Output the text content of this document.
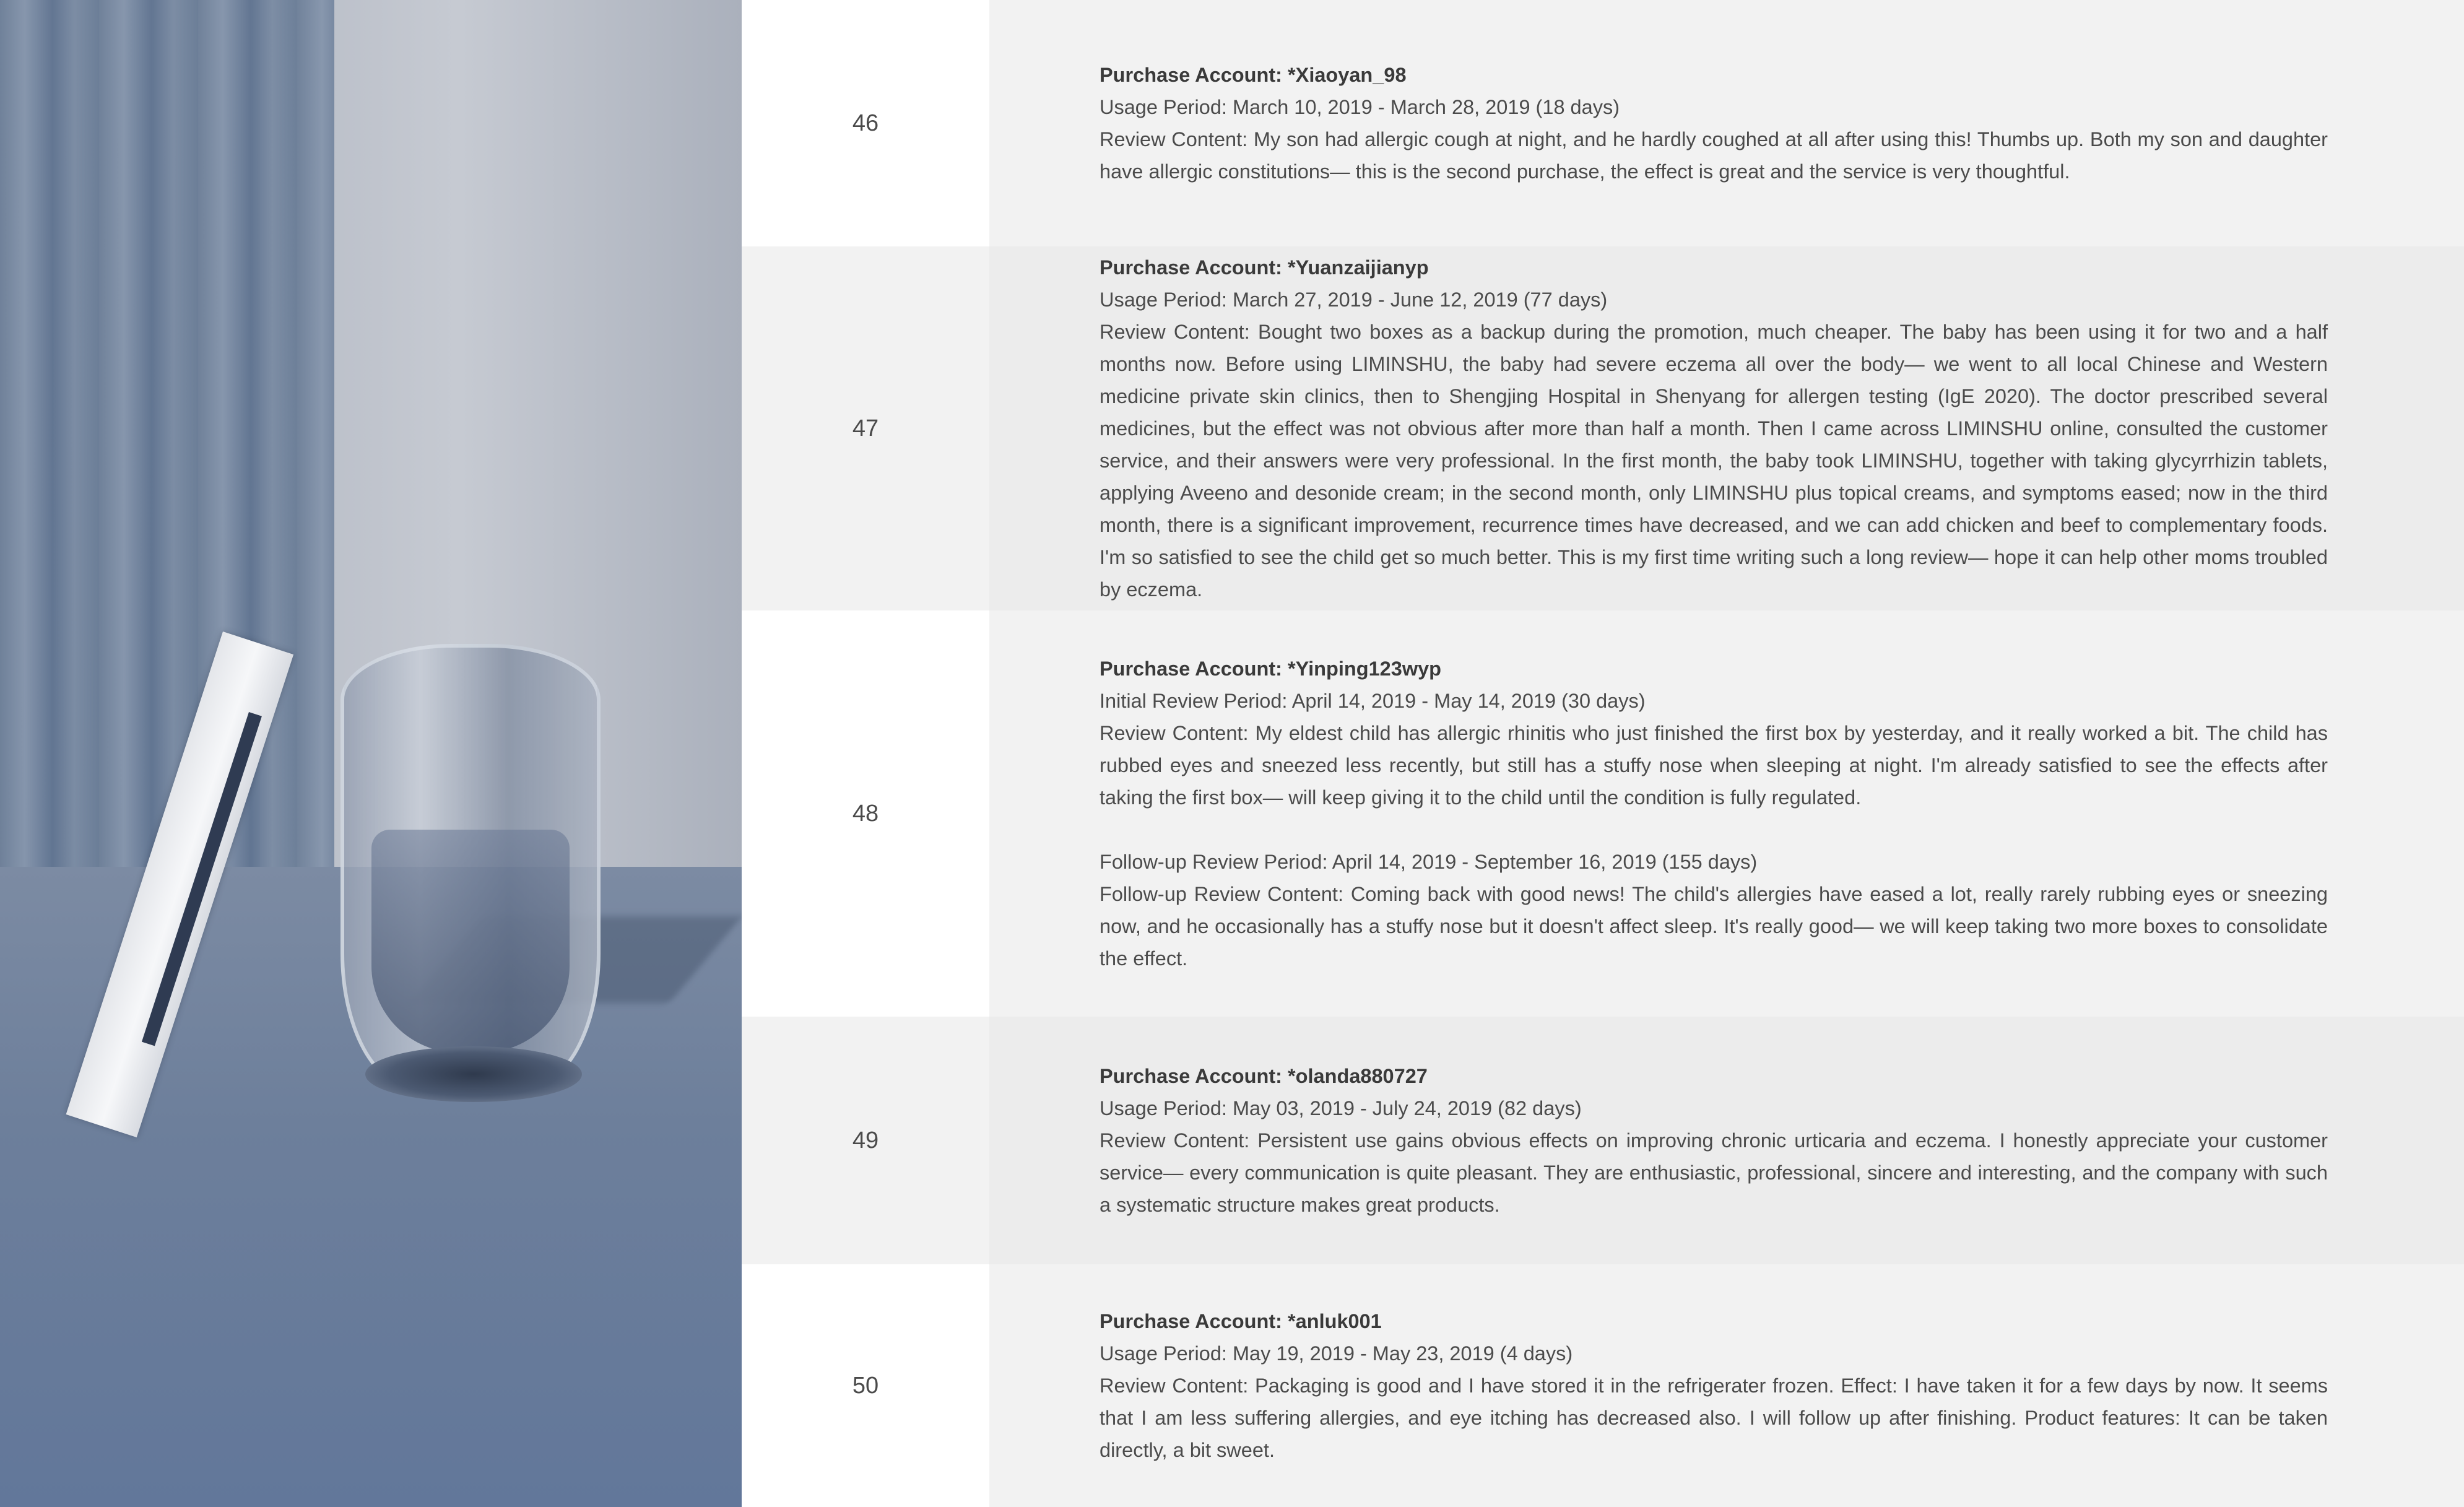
46

Purchase Account: *Xiaoyan_98

Usage Period: March 10, 2019 - March 28, 2019 (18 days)

Review Content: My son had allergic cough at night, and he hardly coughed at all after using this! Thumbs up. Both my son and daughter have allergic constitutions— this is the second purchase, the effect is great and the service is very thoughtful.

47

Purchase Account: *Yuanzaijianyp

Usage Period: March 27, 2019 - June 12, 2019 (77 days)

Review Content: Bought two boxes as a backup during the promotion, much cheaper. The baby has been using it for two and a half months now. Before using LIMINSHU, the baby had severe eczema all over the body— we went to all local Chinese and Western medicine private skin clinics, then to Shengjing Hospital in Shenyang for allergen testing (IgE 2020). The doctor prescribed several medicines, but the effect was not obvious after more than half a month. Then I came across LIMINSHU online, consulted the customer service, and their answers were very professional. In the first month, the baby took LIMINSHU, together with taking glycyrrhizin tablets, applying Aveeno and desonide cream; in the second month, only LIMINSHU plus topical creams, and symptoms eased; now in the third month, there is a significant improvement, recurrence times have decreased, and we can add chicken and beef to complementary foods. I'm so satisfied to see the child get so much better. This is my first time writing such a long review— hope it can help other moms troubled by eczema.

48

Purchase Account: *Yinping123wyp

Initial Review Period: April 14, 2019 - May 14, 2019 (30 days)

Review Content: My eldest child has allergic rhinitis who just finished the first box by yesterday, and it really worked a bit. The child has rubbed eyes and sneezed less recently, but still has a stuffy nose when sleeping at night. I'm already satisfied to see the effects after taking the first box— will keep giving it to the child until the condition is fully regulated.

Follow-up Review Period: April 14, 2019 - September 16, 2019 (155 days)

Follow-up Review Content: Coming back with good news! The child's allergies have eased a lot, really rarely rubbing eyes or sneezing now, and he occasionally has a stuffy nose but it doesn't affect sleep. It's really good— we will keep taking two more boxes to consolidate the effect.

49

Purchase Account: *olanda880727

Usage Period: May 03, 2019 - July 24, 2019 (82 days)

Review Content: Persistent use gains obvious effects on improving chronic urticaria and eczema. I honestly appreciate your customer service— every communication is quite pleasant. They are enthusiastic, professional, sincere and interesting, and the company with such a systematic structure makes great products.

50

Purchase Account: *anluk001

Usage Period: May 19, 2019 - May 23, 2019 (4 days)

Review Content: Packaging is good and I have stored it in the refrigerater frozen. Effect: I have taken it for a few days by now. It seems that I am less suffering allergies, and eye itching has decreased also. I will follow up after finishing. Product features: It can be taken directly, a bit sweet.
